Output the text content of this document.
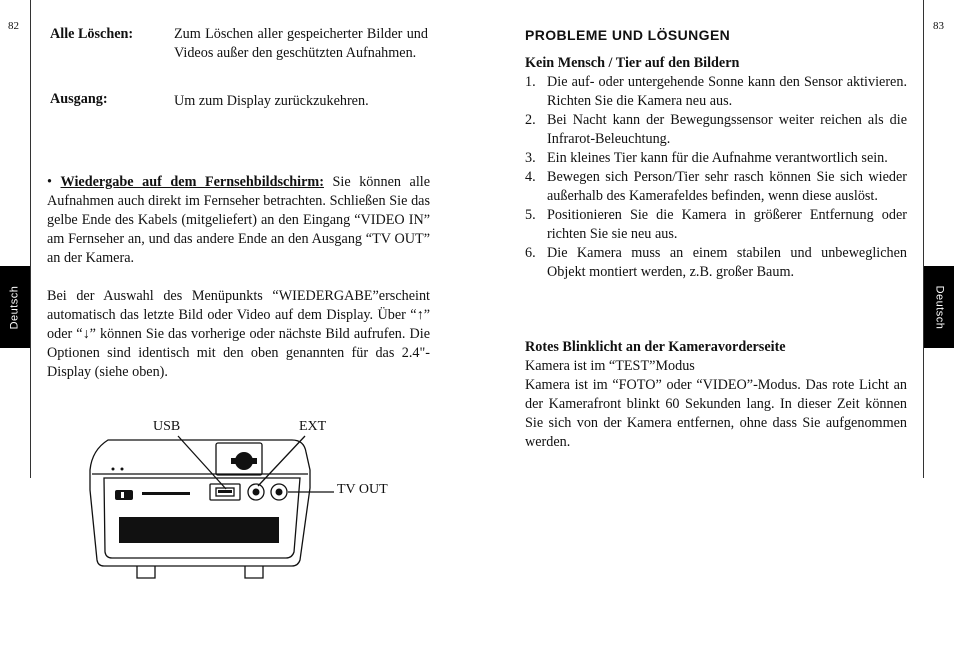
82
Deutsch
Alle Löschen:	Zum Löschen aller gespeicherter Bilder und Videos außer den geschützten Aufnahmen.
Ausgang:	Um zum Display zurückzukehren.
• Wiedergabe auf dem Fernsehbildschirm: Sie können alle Aufnahmen auch direkt im Fernseher betrachten. Schließen Sie das gelbe Ende des Kabels (mitgeliefert) an den Eingang “VIDEO IN” am Fernseher an, und das andere Ende an den Ausgang “TV OUT” an der Kamera.
Bei der Auswahl des Menüpunkts “WIEDERGABE”erscheint automatisch das letzte Bild oder Video auf dem Display. Über “↑” oder “↓” können Sie das vorherige oder nächste Bild aufrufen. Die Optionen sind identisch mit den oben genannten für das 2.4"-Display (siehe oben).
USB	EXT
TV OUT
83
Deutsch
PROBLEME UND LÖSUNGEN
Kein Mensch / Tier auf den Bildern
1. Die auf- oder untergehende Sonne kann den Sensor aktivieren. Richten Sie die Kamera neu aus.
2. Bei Nacht kann der Bewegungssensor weiter reichen als die Infrarot-Beleuchtung.
3. Ein kleines Tier kann für die Aufnahme verantwortlich sein.
4. Bewegen sich Person/Tier sehr rasch können Sie sich wieder außerhalb des Kamerafeldes befinden, wenn diese auslöst.
5. Positionieren Sie die Kamera in größerer Entfernung oder richten Sie sie neu aus.
6. Die Kamera muss an einem stabilen und unbeweglichen Objekt montiert werden, z.B. großer Baum.
Rotes Blinklicht an der Kameravorderseite
Kamera ist im “TEST”Modus
Kamera ist im “FOTO” oder “VIDEO”-Modus. Das rote Licht an der Kamerafront blinkt 60 Sekunden lang. In dieser Zeit können Sie sich von der Kamera entfernen, ohne dass Sie aufgenommen werden.
